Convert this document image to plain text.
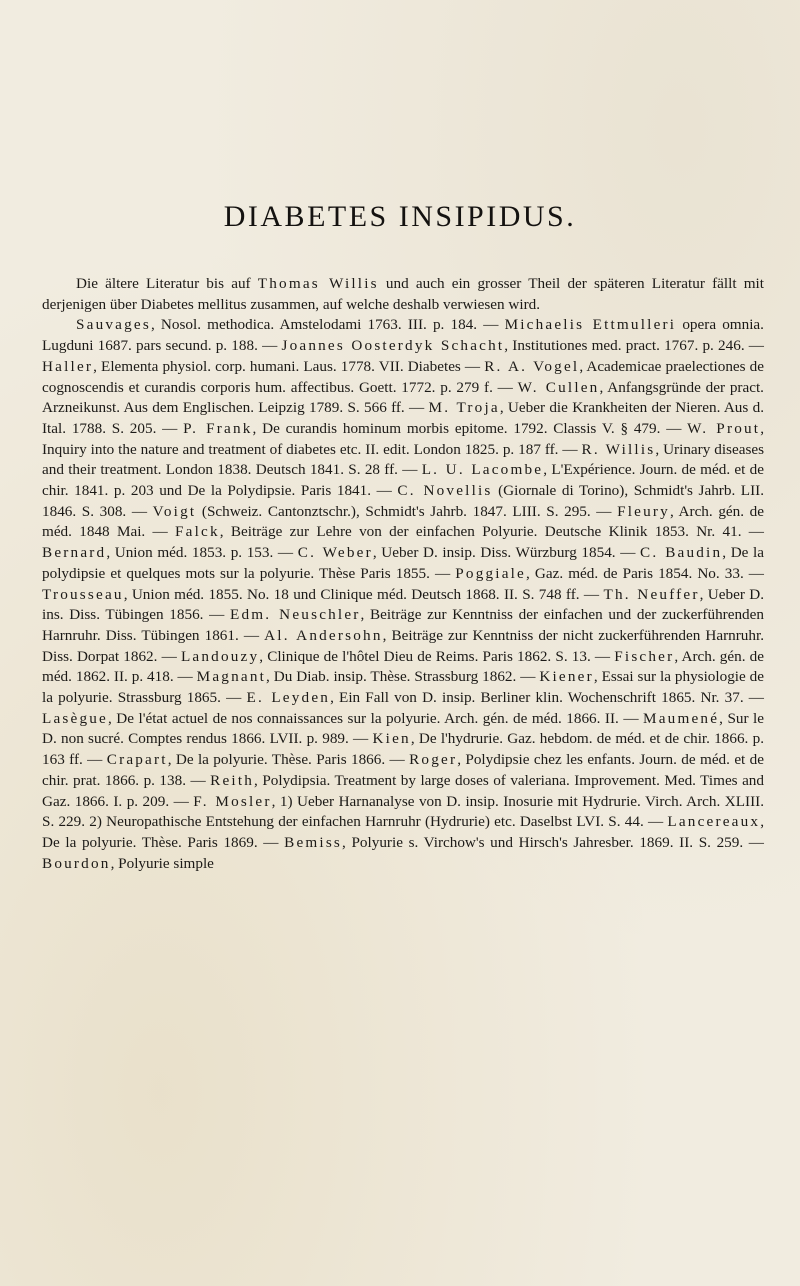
DIABETES INSIPIDUS.

Die ältere Literatur bis auf Thomas Willis und auch ein grosser Theil der späteren Literatur fällt mit derjenigen über Diabetes mellitus zusammen, auf welche deshalb verwiesen wird.

Sauvages, Nosol. methodica. Amstelodami 1763. III. p. 184. — Michaelis Ettmulleri opera omnia. Lugduni 1687. pars secund. p. 188. — Joannes Oosterdyk Schacht, Institutiones med. pract. 1767. p. 246. — Haller, Elementa physiol. corp. humani. Laus. 1778. VII. Diabetes — R. A. Vogel, Academicae praelectiones de cognoscendis et curandis corporis hum. affectibus. Goett. 1772. p. 279 f. — W. Cullen, Anfangsgründe der pract. Arzneikunst. Aus dem Englischen. Leipzig 1789. S. 566 ff. — M. Troja, Ueber die Krankheiten der Nieren. Aus d. Ital. 1788. S. 205. — P. Frank, De curandis hominum morbis epitome. 1792. Classis V. § 479. — W. Prout, Inquiry into the nature and treatment of diabetes etc. II. edit. London 1825. p. 187 ff. — R. Willis, Urinary diseases and their treatment. London 1838. Deutsch 1841. S. 28 ff. — L. U. Lacombe, L'Expérience. Journ. de méd. et de chir. 1841. p. 203 und De la Polydipsie. Paris 1841. — C. Novellis (Giornale di Torino), Schmidt's Jahrb. LII. 1846. S. 308. — Voigt (Schweiz. Cantonztschr.), Schmidt's Jahrb. 1847. LIII. S. 295. — Fleury, Arch. gén. de méd. 1848 Mai. — Falck, Beiträge zur Lehre von der einfachen Polyurie. Deutsche Klinik 1853. Nr. 41. — Bernard, Union méd. 1853. p. 153. — C. Weber, Ueber D. insip. Diss. Würzburg 1854. — C. Baudin, De la polydipsie et quelques mots sur la polyurie. Thèse Paris 1855. — Poggiale, Gaz. méd. de Paris 1854. No. 33. — Trousseau, Union méd. 1855. No. 18 und Clinique méd. Deutsch 1868. II. S. 748 ff. — Th. Neuffer, Ueber D. ins. Diss. Tübingen 1856. — Edm. Neuschler, Beiträge zur Kenntniss der einfachen und der zuckerführenden Harnruhr. Diss. Tübingen 1861. — Al. Andersohn, Beiträge zur Kenntniss der nicht zuckerführenden Harnruhr. Diss. Dorpat 1862. — Landouzy, Clinique de l'hôtel Dieu de Reims. Paris 1862. S. 13. — Fischer, Arch. gén. de méd. 1862. II. p. 418. — Magnant, Du Diab. insip. Thèse. Strassburg 1862. — Kiener, Essai sur la physiologie de la polyurie. Strassburg 1865. — E. Leyden, Ein Fall von D. insip. Berliner klin. Wochenschrift 1865. Nr. 37. — Lasègue, De l'état actuel de nos connaissances sur la polyurie. Arch. gén. de méd. 1866. II. — Maumené, Sur le D. non sucré. Comptes rendus 1866. LVII. p. 989. — Kien, De l'hydrurie. Gaz. hebdom. de méd. et de chir. 1866. p. 163 ff. — Crapart, De la polyurie. Thèse. Paris 1866. — Roger, Polydipsie chez les enfants. Journ. de méd. et de chir. prat. 1866. p. 138. — Reith, Polydipsia. Treatment by large doses of valeriana. Improvement. Med. Times and Gaz. 1866. I. p. 209. — F. Mosler, 1) Ueber Harnanalyse von D. insip. Inosurie mit Hydrurie. Virch. Arch. XLIII. S. 229. 2) Neuropathische Entstehung der einfachen Harnruhr (Hydrurie) etc. Daselbst LVI. S. 44. — Lancereaux, De la polyurie. Thèse. Paris 1869. — Bemiss, Polyurie s. Virchow's und Hirsch's Jahresber. 1869. II. S. 259. — Bourdon, Polyurie simple
